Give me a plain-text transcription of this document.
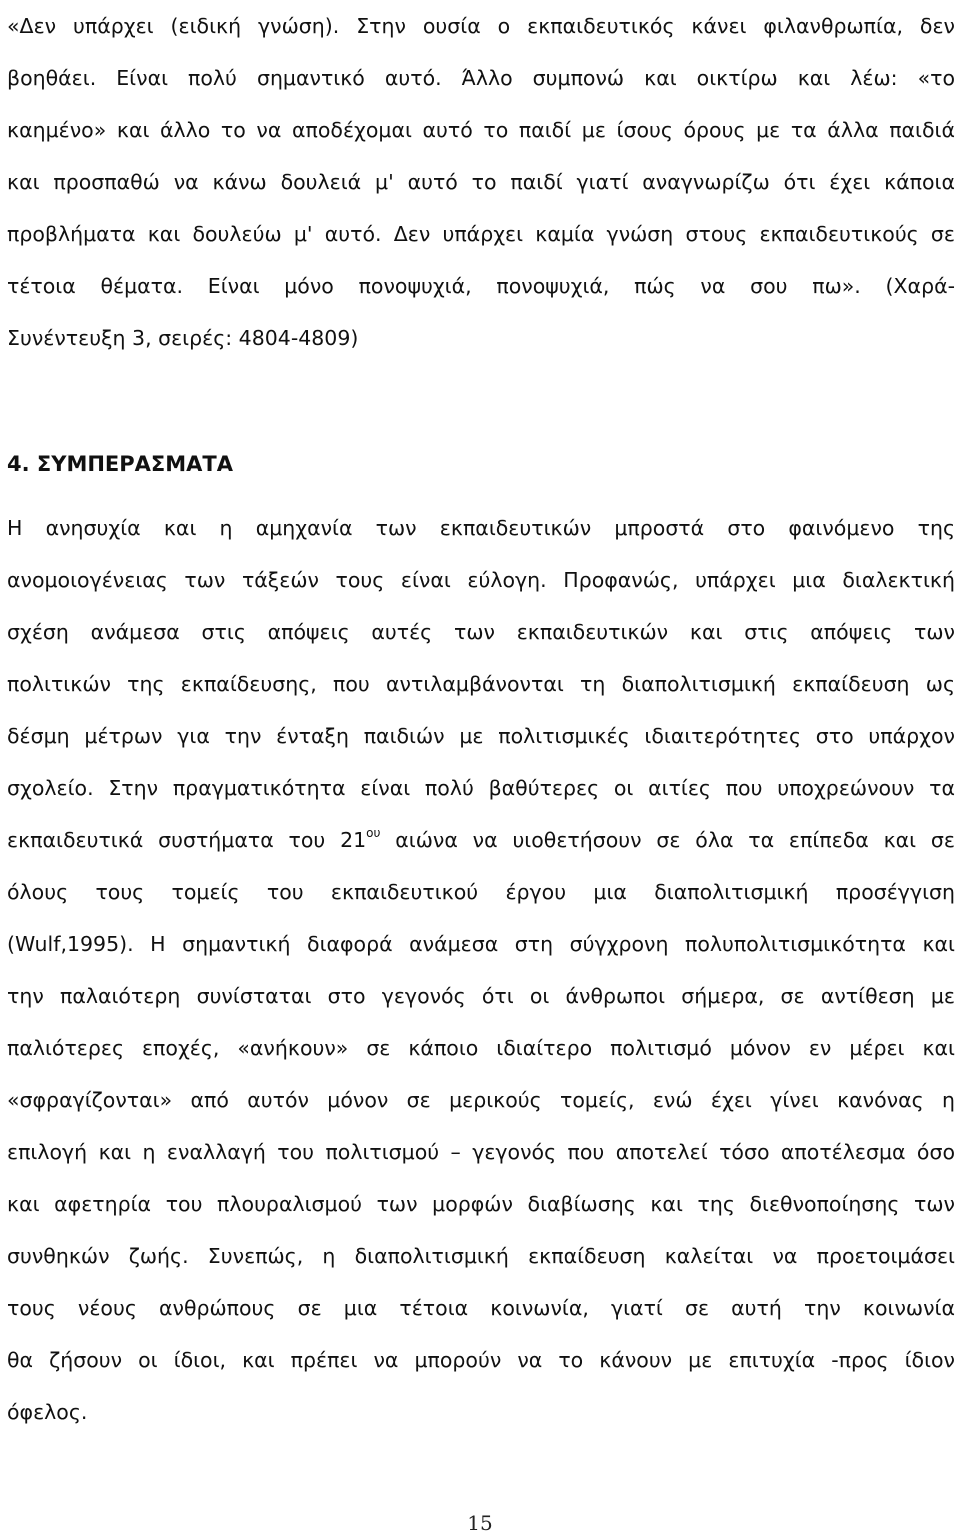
«Δεν υπάρχει (ειδική γνώση). Στην ουσία ο εκπαιδευτικός κάνει φιλανθρωπία, δεν
βοηθάει. Είναι πολύ σημαντικό αυτό. Άλλο συμπονώ και οικτίρω και λέω: «το
καημένο» και άλλο το να αποδέχομαι αυτό το παιδί με ίσους όρους με τα άλλα παιδιά
και προσπαθώ να κάνω δουλειά μ' αυτό το παιδί γιατί αναγνωρίζω ότι έχει κάποια
προβλήματα και δουλεύω μ' αυτό. Δεν υπάρχει καμία γνώση στους εκπαιδευτικούς σε
τέτοια θέματα. Είναι μόνο πονοψυχιά, πονοψυχιά, πώς να σου πω». (Χαρά-
Συνέντευξη 3, σειρές: 4804-4809)
4. ΣΥΜΠΕΡΑΣΜΑΤΑ
Η ανησυχία και η αμηχανία των εκπαιδευτικών μπροστά στο φαινόμενο της
ανομοιογένειας των τάξεών τους είναι εύλογη. Προφανώς, υπάρχει μια διαλεκτική
σχέση ανάμεσα στις απόψεις αυτές των εκπαιδευτικών και στις απόψεις των
πολιτικών της εκπαίδευσης, που αντιλαμβάνονται τη διαπολιτισμική εκπαίδευση ως
δέσμη μέτρων για την ένταξη παιδιών με πολιτισμικές ιδιαιτερότητες στο υπάρχον
σχολείο. Στην πραγματικότητα είναι πολύ βαθύτερες οι αιτίες που υποχρεώνουν τα
εκπαιδευτικά συστήματα του $21^{o\upsilon}$ αιώνα να υιοθετήσουν σε όλα τα επίπεδα και σε
όλους τους τομείς του εκπαιδευτικού έργου μια διαπολιτισμική προσέγγιση
(Wulf,1995). Η σημαντική διαφορά ανάμεσα στη σύγχρονη πολυπολιτισμικότητα και
την παλαιότερη συνίσταται στο γεγονός ότι οι άνθρωποι σήμερα, σε αντίθεση με
παλιότερες εποχές, «ανήκουν» σε κάποιο ιδιαίτερο πολιτισμό μόνον εν μέρει και
«σφραγίζονται» από αυτόν μόνον σε μερικούς τομείς, ενώ έχει γίνει κανόνας η
επιλογή και η εναλλαγή του πολιτισμού – γεγονός που αποτελεί τόσο αποτέλεσμα όσο
και αφετηρία του πλουραλισμού των μορφών διαβίωσης και της διεθνοποίησης των
συνθηκών ζωής. Συνεπώς, η διαπολιτισμική εκπαίδευση καλείται να προετοιμάσει
τους νέους ανθρώπους σε μια τέτοια κοινωνία, γιατί σε αυτή την κοινωνία
θα ζήσουν οι ίδιοι, και πρέπει να μπορούν να το κάνουν με επιτυχία -προς ίδιον
όφελος.
15
